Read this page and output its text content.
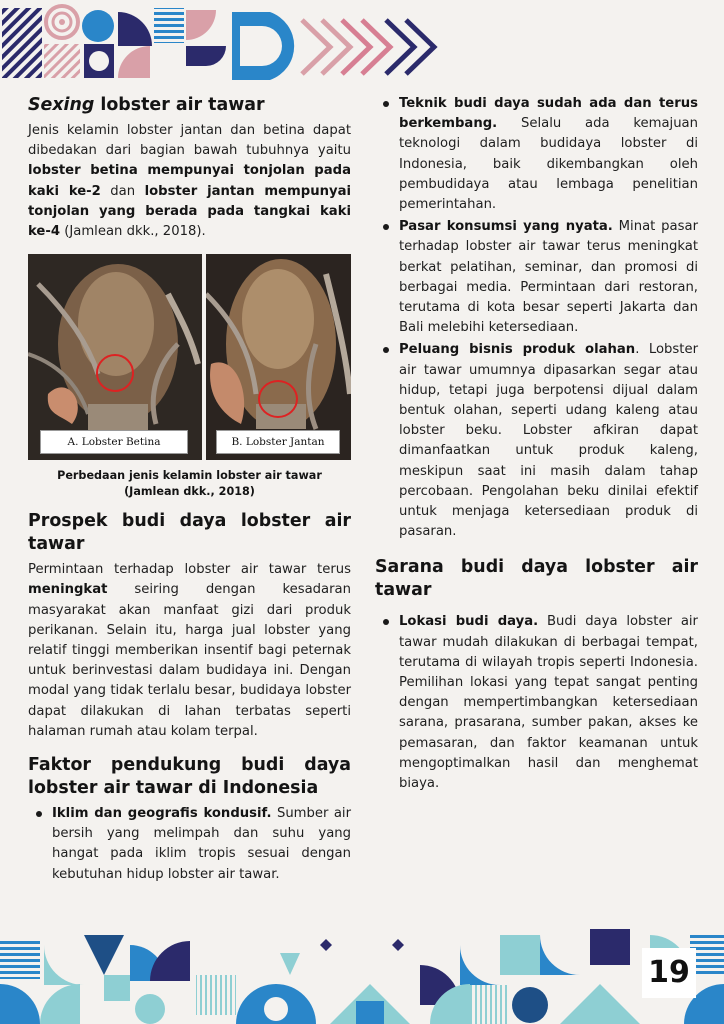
Sexing lobster air tawar

Jenis kelamin lobster jantan dan betina dapat dibedakan dari bagian bawah tubuhnya yaitu lobster betina mempunyai tonjolan pada kaki ke-2 dan lobster jantan mempunyai tonjolan yang berada pada tangkai kaki ke-4 (Jamlean dkk., 2018).

A. Lobster Betina	B. Lobster Jantan
Perbedaan jenis kelamin lobster air tawar (Jamlean dkk., 2018)
Prospek budi daya lobster air
tawar

Permintaan terhadap lobster air tawar terus meningkat seiring dengan kesadaran masyarakat akan manfaat gizi dari produk perikanan. Selain itu, harga jual lobster yang relatif tinggi memberikan insentif bagi peternak untuk berinvestasi dalam budidaya ini. Dengan modal yang tidak terlalu besar, budidaya lobster dapat dilakukan di lahan terbatas seperti halaman rumah atau kolam terpal.

Faktor pendukung budi daya
lobster air tawar di Indonesia
Iklim dan geografis kondusif. Sumber air bersih yang melimpah dan suhu yang hangat pada iklim tropis sesuai dengan kebutuhan hidup lobster air tawar.
Teknik budi daya sudah ada dan terus berkembang. Selalu ada kemajuan teknologi dalam budidaya lobster di Indonesia, baik dikembangkan oleh pembudidaya atau lembaga penelitian pemerintahan.
Pasar konsumsi yang nyata. Minat pasar terhadap lobster air tawar terus meningkat berkat pelatihan, seminar, dan promosi di berbagai media. Permintaan dari restoran, terutama di kota besar seperti Jakarta dan Bali melebihi ketersediaan.
Peluang bisnis produk olahan. Lobster air tawar umumnya dipasarkan segar atau hidup, tetapi juga berpotensi dijual dalam bentuk olahan, seperti udang kaleng atau lobster beku. Lobster afkiran dapat dimanfaatkan untuk produk kaleng, meskipun saat ini masih dalam tahap percobaan. Pengolahan beku dinilai efektif untuk menjaga ketersediaan produk di pasaran.
Sarana budi daya lobster air
tawar
Lokasi budi daya. Budi daya lobster air tawar mudah dilakukan di berbagai tempat, terutama di wilayah tropis seperti Indonesia. Pemilihan lokasi yang tepat sangat penting dengan mempertimbangkan ketersediaan sarana, prasarana, sumber pakan, akses ke pemasaran, dan faktor keamanan untuk mengoptimalkan hasil dan menghemat biaya.
19
